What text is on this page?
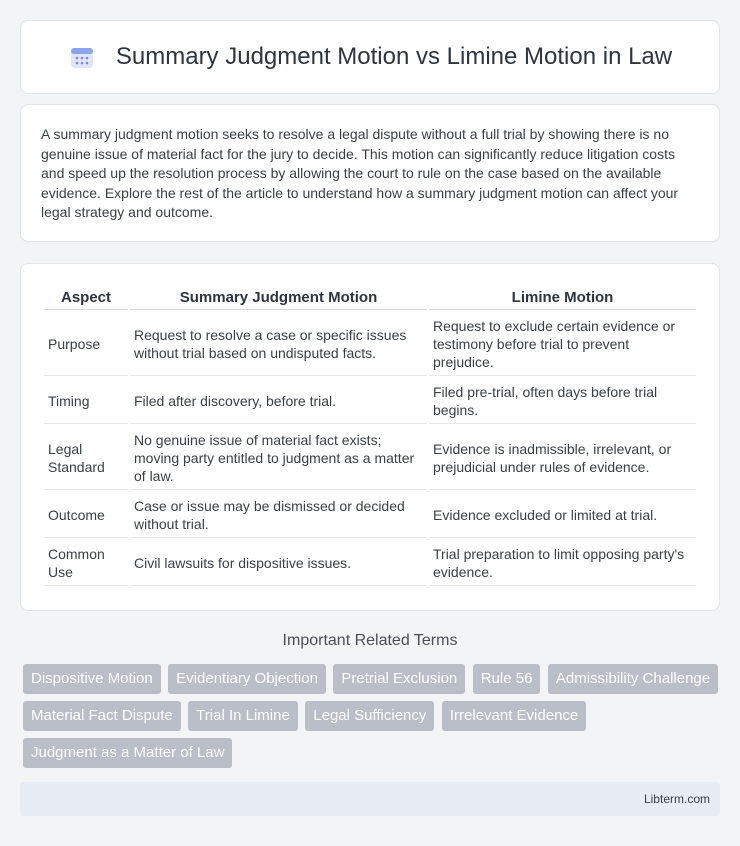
Summary Judgment Motion vs Limine Motion in Law

A summary judgment motion seeks to resolve a legal dispute without a full trial by showing there is no genuine issue of material fact for the jury to decide. This motion can significantly reduce litigation costs and speed up the resolution process by allowing the court to rule on the case based on the available evidence. Explore the rest of the article to understand how a summary judgment motion can affect your legal strategy and outcome.

Aspect	Summary Judgment Motion	Limine Motion
Purpose	Request to resolve a case or specific issues without trial based on undisputed facts.	Request to exclude certain evidence or testimony before trial to prevent prejudice.
Timing	Filed after discovery, before trial.	Filed pre-trial, often days before trial begins.
Legal Standard	No genuine issue of material fact exists; moving party entitled to judgment as a matter of law.	Evidence is inadmissible, irrelevant, or prejudicial under rules of evidence.
Outcome	Case or issue may be dismissed or decided without trial.	Evidence excluded or limited at trial.
Common Use	Civil lawsuits for dispositive issues.	Trial preparation to limit opposing party's evidence.
Important Related Terms
Dispositive Motion Evidentiary Objection Pretrial Exclusion Rule 56 Admissibility Challenge Material Fact Dispute Trial In Limine Legal Sufficiency Irrelevant Evidence Judgment as a Matter of Law
Libterm.com
